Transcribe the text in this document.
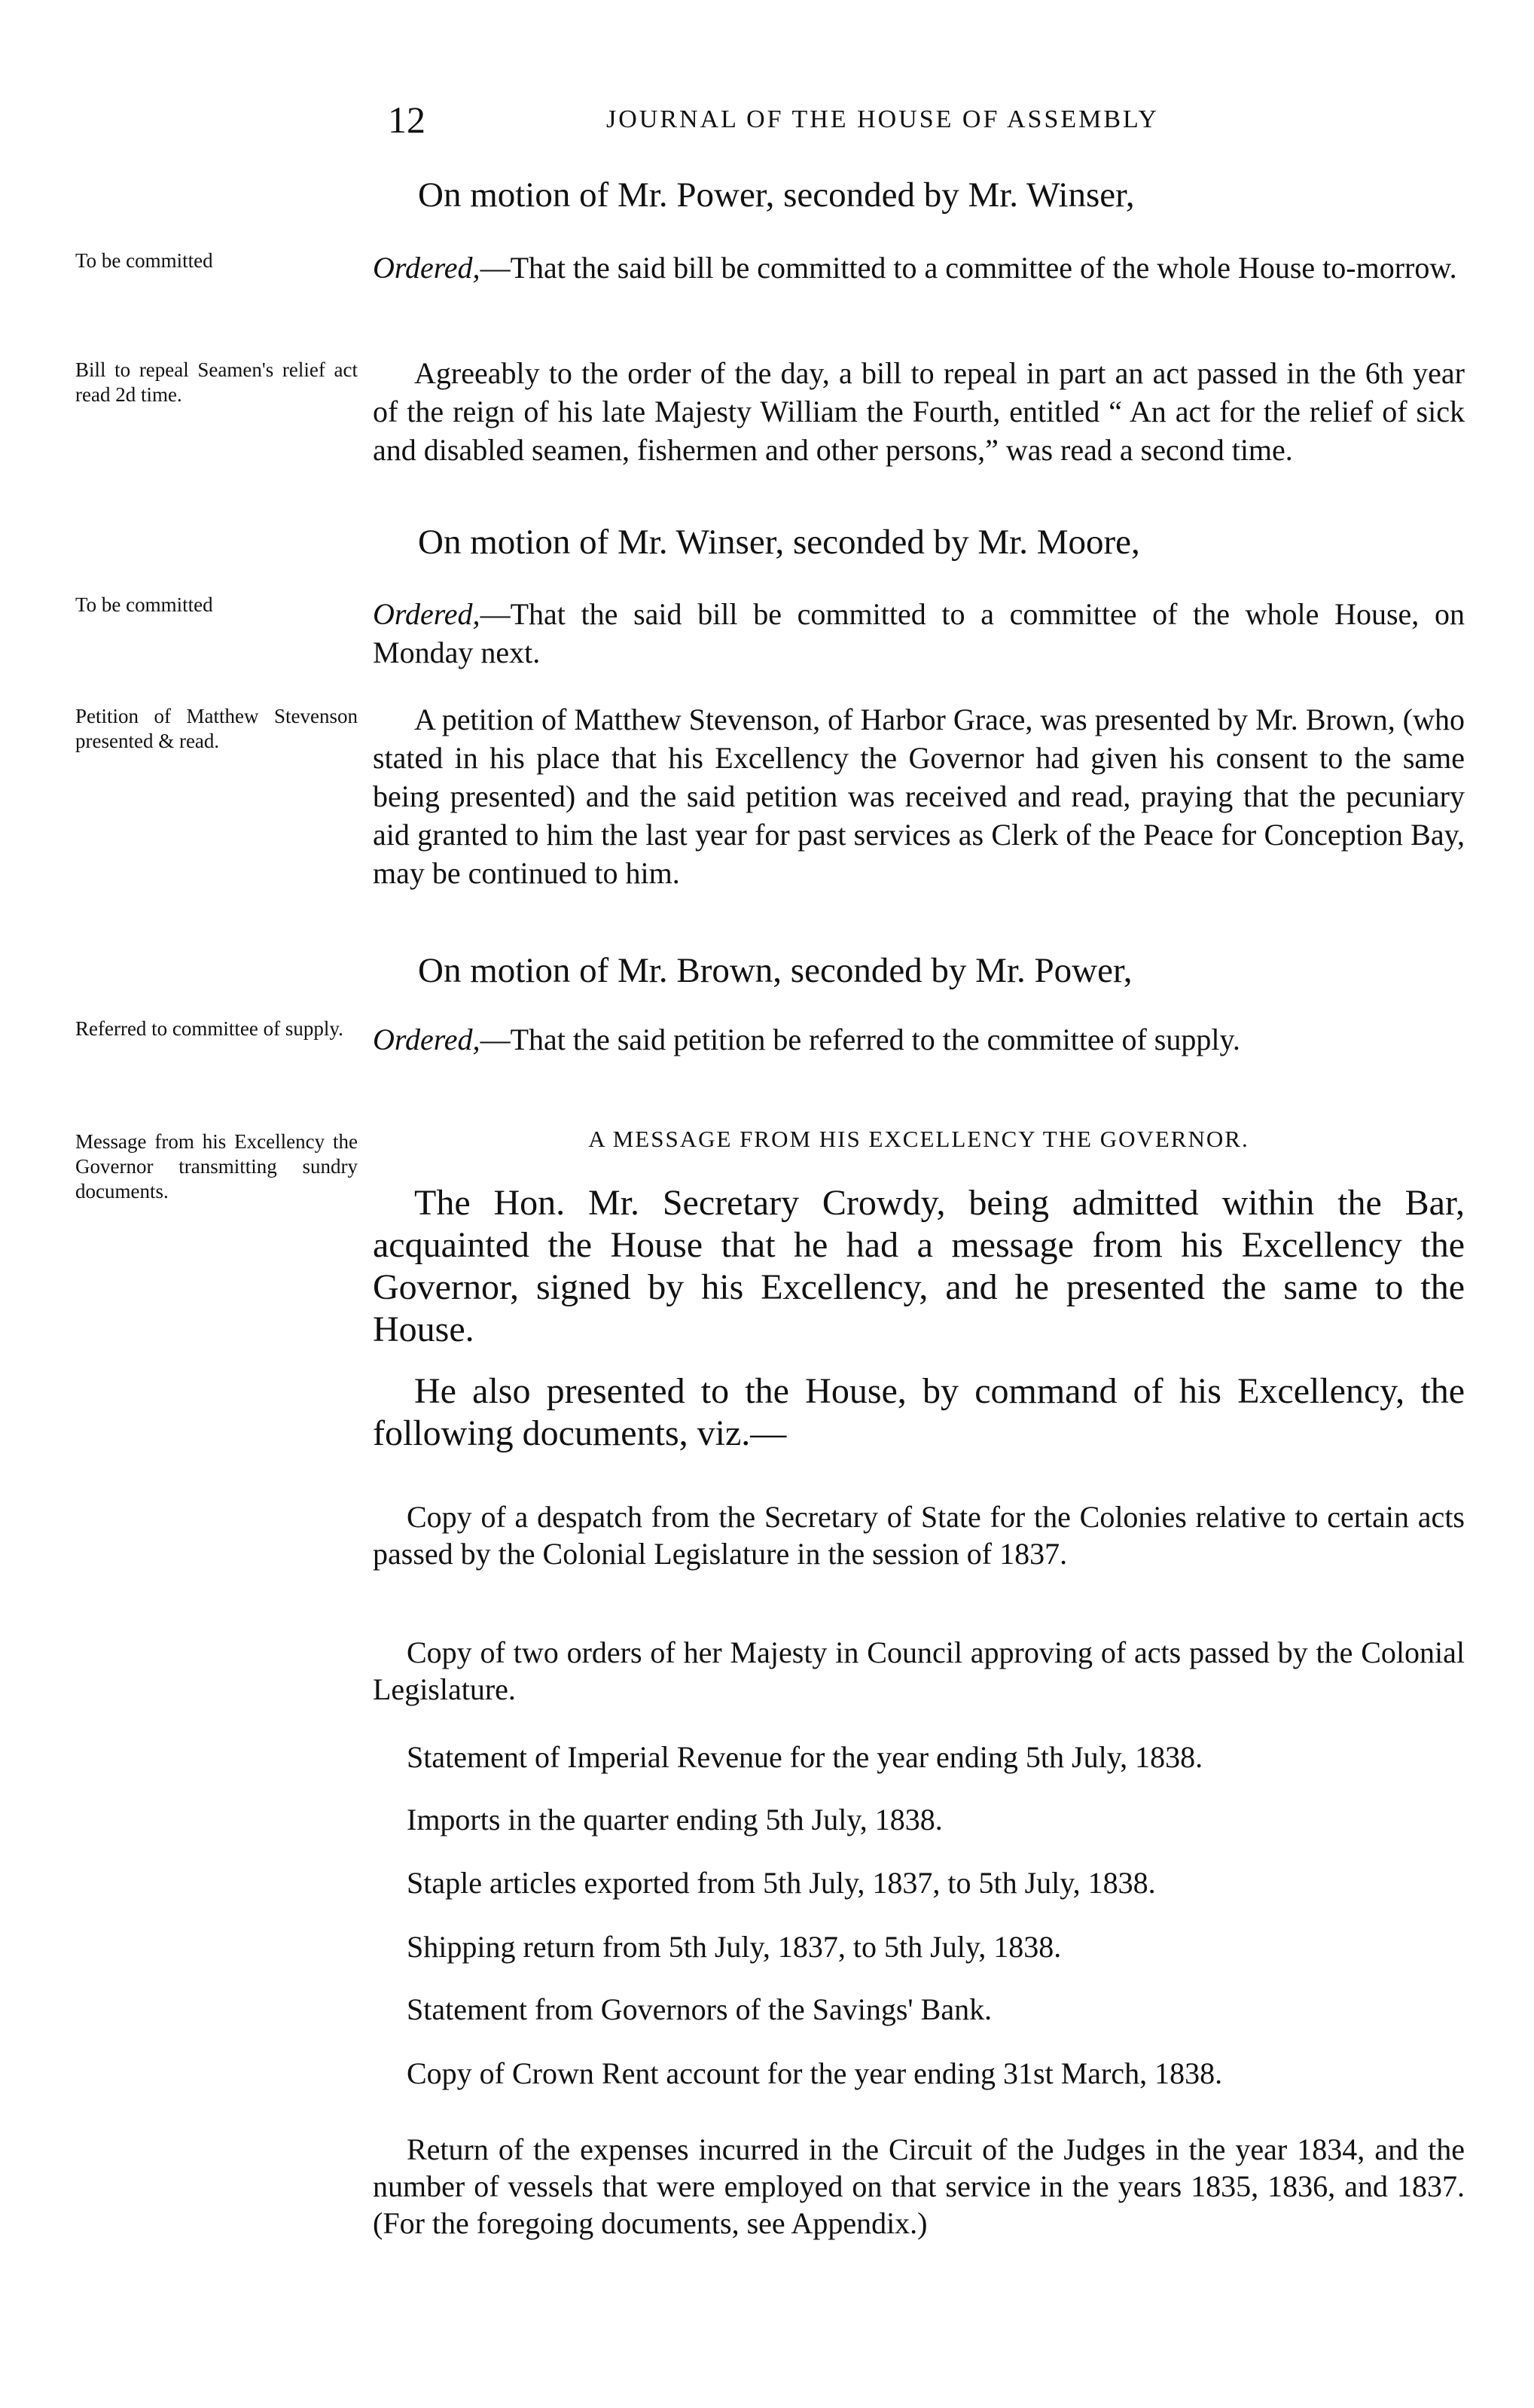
12	JOURNAL OF THE HOUSE OF ASSEMBLY
To be committed
Bill to repeal Seamen's relief act read 2d time.
To be committed
Petition of Matthew Stevenson presented & read.
Referred to committee of supply.
Message from his Excellency the Governor transmitting sundry documents.
On motion of Mr. Power, seconded by Mr. Winser,
Ordered,—That the said bill be committed to a committee of the whole House to-morrow.
Agreeably to the order of the day, a bill to repeal in part an act passed in the 6th year of the reign of his late Majesty William the Fourth, entitled “ An act for the relief of sick and disabled seamen, fishermen and other persons,” was read a second time.
On motion of Mr. Winser, seconded by Mr. Moore,
Ordered,—That the said bill be committed to a committee of the whole House, on Monday next.
A petition of Matthew Stevenson, of Harbor Grace, was presented by Mr. Brown, (who stated in his place that his Excellency the Governor had given his consent to the same being presented) and the said petition was received and read, praying that the pecuniary aid granted to him the last year for past services as Clerk of the Peace for Conception Bay, may be continued to him.
On motion of Mr. Brown, seconded by Mr. Power,
Ordered,—That the said petition be referred to the committee of supply.
A MESSAGE FROM HIS EXCELLENCY THE GOVERNOR.
The Hon. Mr. Secretary Crowdy, being admitted within the Bar, acquainted the House that he had a message from his Excellency the Governor, signed by his Excellency, and he presented the same to the House.
He also presented to the House, by command of his Excellency, the following documents, viz.—
Copy of a despatch from the Secretary of State for the Colonies relative to certain acts passed by the Colonial Legislature in the session of 1837.
Copy of two orders of her Majesty in Council approving of acts passed by the Colonial Legislature.
Statement of Imperial Revenue for the year ending 5th July, 1838.
Imports in the quarter ending 5th July, 1838.
Staple articles exported from 5th July, 1837, to 5th July, 1838.
Shipping return from 5th July, 1837, to 5th July, 1838.
Statement from Governors of the Savings' Bank.
Copy of Crown Rent account for the year ending 31st March, 1838.
Return of the expenses incurred in the Circuit of the Judges in the year 1834, and the number of vessels that were employed on that service in the years 1835, 1836, and 1837. (For the foregoing documents, see Appendix.)
